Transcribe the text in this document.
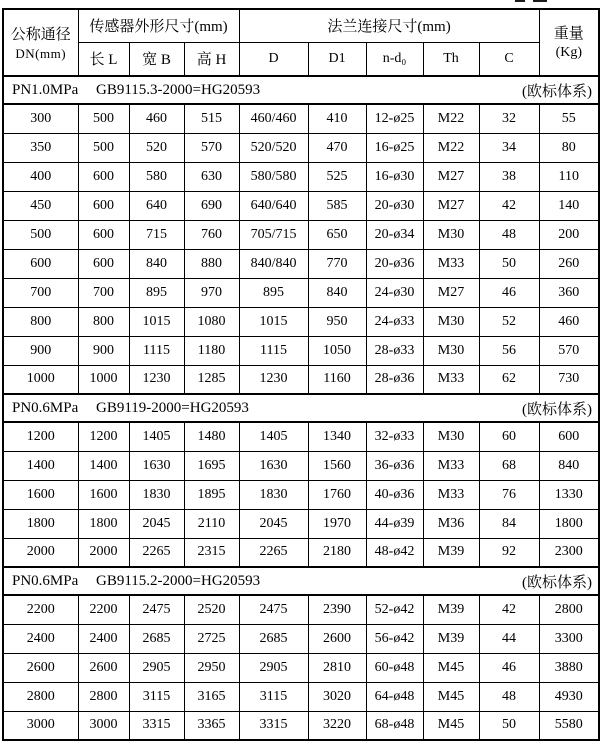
公称通径
DN(mm)	传感器外形尺寸(mm)			法兰连接尺寸(mm)					重量
(Kg)

	长 L	宽 B	高 H	D	D1	n-d₀	Th	C	

PN1.0MPa GB9115.3-2000=HG20593 (欧标体系)									

300	500	460	515	460/460	410	12-ø25	M22	32	55
350	500	520	570	520/520	470	16-ø25	M22	34	80
400	600	580	630	580/580	525	16-ø30	M27	38	110
450	600	640	690	640/640	585	20-ø30	M27	42	140
500	600	715	760	705/715	650	20-ø34	M30	48	200
600	600	840	880	840/840	770	20-ø36	M33	50	260
700	700	895	970	895	840	24-ø30	M27	46	360
800	800	1015	1080	1015	950	24-ø33	M30	52	460
900	900	1115	1180	1115	1050	28-ø33	M30	56	570
1000	1000	1230	1285	1230	1160	28-ø36	M33	62	730

PN0.6MPa GB9119-2000=HG20593 (欧标体系)									

1200	1200	1405	1480	1405	1340	32-ø33	M30	60	600
1400	1400	1630	1695	1630	1560	36-ø36	M33	68	840
1600	1600	1830	1895	1830	1760	40-ø36	M33	76	1330
1800	1800	2045	2110	2045	1970	44-ø39	M36	84	1800
2000	2000	2265	2315	2265	2180	48-ø42	M39	92	2300

PN0.6MPa GB9115.2-2000=HG20593 (欧标体系)									

2200	2200	2475	2520	2475	2390	52-ø42	M39	42	2800
2400	2400	2685	2725	2685	2600	56-ø42	M39	44	3300
2600	2600	2905	2950	2905	2810	60-ø48	M45	46	3880
2800	2800	3115	3165	3115	3020	64-ø48	M45	48	4930
3000	3000	3315	3365	3315	3220	68-ø48	M45	50	5580
